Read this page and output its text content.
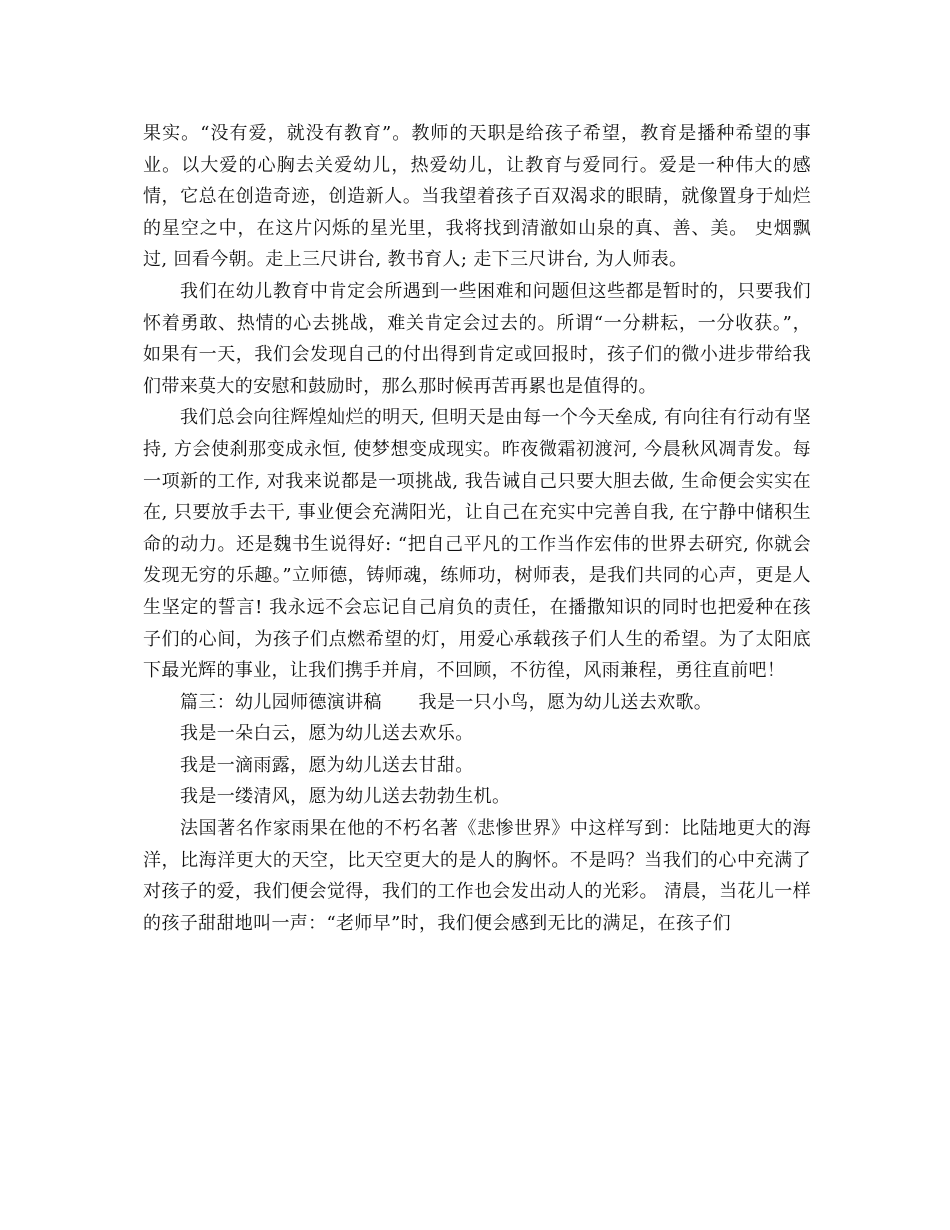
果实。“没有爱，就没有教育”。教师的天职是给孩子希望，教育是播种希望的事业。以大爱的心胸去关爱幼儿，热爱幼儿，让教育与爱同行。爱是一种伟大的感情，它总在创造奇迹，创造新人。当我望着孩子百双渴求的眼睛，就像置身于灿烂的星空之中，在这片闪烁的星光里，我将找到清澈如山泉的真、善、美。 史烟飘过, 回看今朝。走上三尺讲台, 教书育人; 走下三尺讲台, 为人师表。

我们在幼儿教育中肯定会所遇到一些困难和问题但这些都是暂时的，只要我们怀着勇敢、热情的心去挑战，难关肯定会过去的。所谓“一分耕耘，一分收获。”，如果有一天，我们会发现自己的付出得到肯定或回报时，孩子们的微小进步带给我们带来莫大的安慰和鼓励时，那么那时候再苦再累也是值得的。

我们总会向往辉煌灿烂的明天, 但明天是由每一个今天垒成, 有向往有行动有坚持, 方会使刹那变成永恒, 使梦想变成现实。昨夜微霜初渡河, 今晨秋风凋青发。每一项新的工作, 对我来说都是一项挑战, 我告诫自己只要大胆去做, 生命便会实实在在, 只要放手去干, 事业便会充满阳光，让自己在充实中完善自我, 在宁静中储积生命的动力。还是魏书生说得好: “把自己平凡的工作当作宏伟的世界去研究, 你就会发现无穷的乐趣。”立师德，铸师魂，练师功，树师表，是我们共同的心声，更是人生坚定的誓言! 我永远不会忘记自己肩负的责任，在播撒知识的同时也把爱种在孩子们的心间，为孩子们点燃希望的灯，用爱心承载孩子们人生的希望。为了太阳底下最光辉的事业，让我们携手并肩，不回顾，不彷徨，风雨兼程，勇往直前吧！

篇三：幼儿园师德演讲稿　　我是一只小鸟，愿为幼儿送去欢歌。

我是一朵白云，愿为幼儿送去欢乐。

我是一滴雨露，愿为幼儿送去甘甜。

我是一缕清风，愿为幼儿送去勃勃生机。

法国著名作家雨果在他的不朽名著《悲惨世界》中这样写到：比陆地更大的海洋，比海洋更大的天空，比天空更大的是人的胸怀。不是吗？当我们的心中充满了对孩子的爱，我们便会觉得，我们的工作也会发出动人的光彩。 清晨，当花儿一样的孩子甜甜地叫一声：“老师早”时，我们便会感到无比的满足，在孩子们
